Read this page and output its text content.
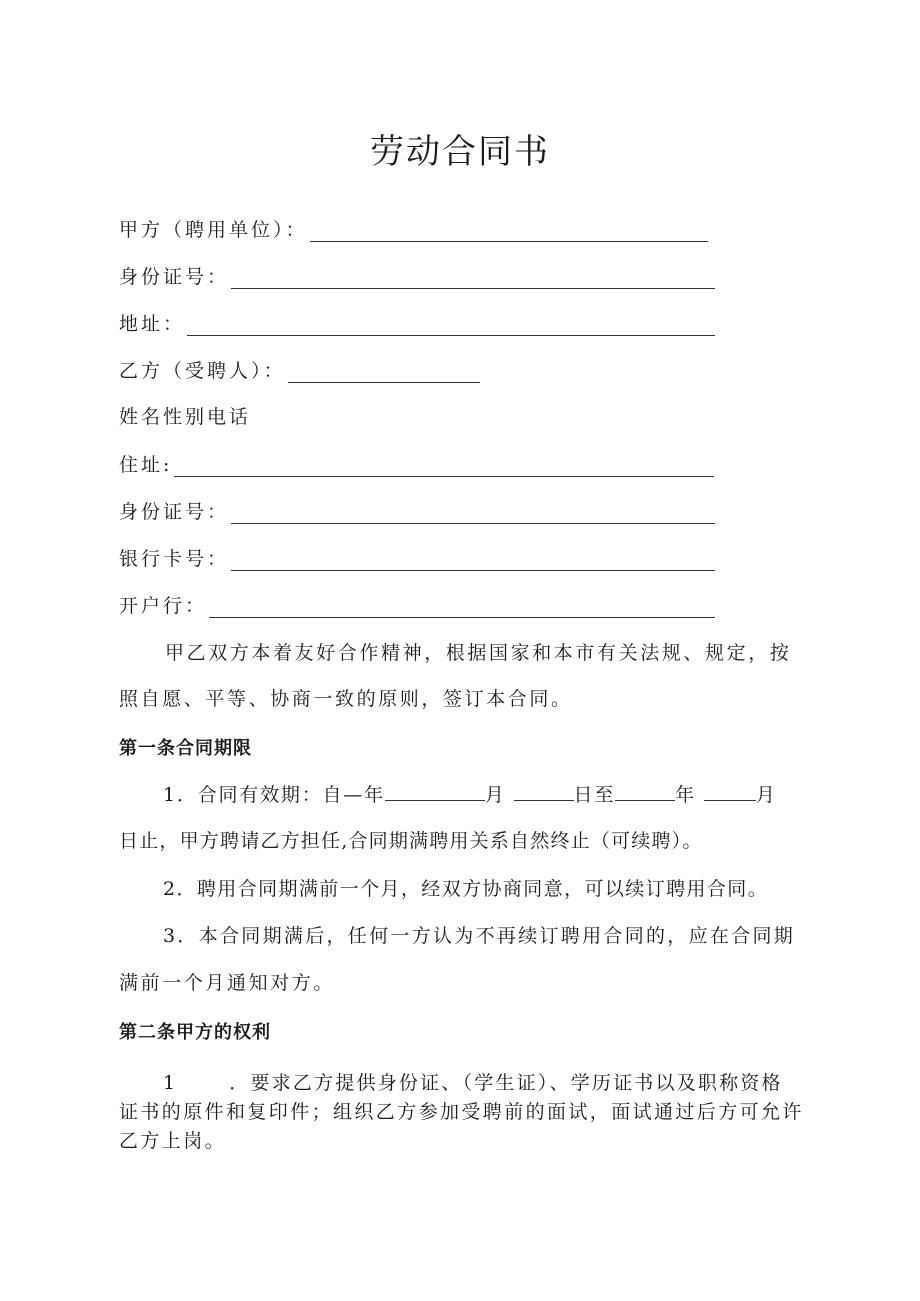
劳动合同书
甲方（聘用单位）：
身份证号：
地址：
乙方（受聘人）：
姓名性别电话
住址:
身份证号：
银行卡号：
开户行：
甲乙双方本着友好合作精神，根据国家和本市有关法规、规定，按
照自愿、平等、协商一致的原则，签订本合同。
第一条合同期限
1．合同有效期：自—年	月	日至	年	月
日止，甲方聘请乙方担任,合同期满聘用关系自然终止（可续聘）。
2．聘用合同期满前一个月，经双方协商同意，可以续订聘用合同。
3．本合同期满后，任何一方认为不再续订聘用合同的，应在合同期
满前一个月通知对方。
第二条甲方的权利
1	．要求乙方提供身份证、（学生证）、学历证书以及职称资格
证书的原件和复印件；组织乙方参加受聘前的面试，面试通过后方可允许
乙方上岗。
